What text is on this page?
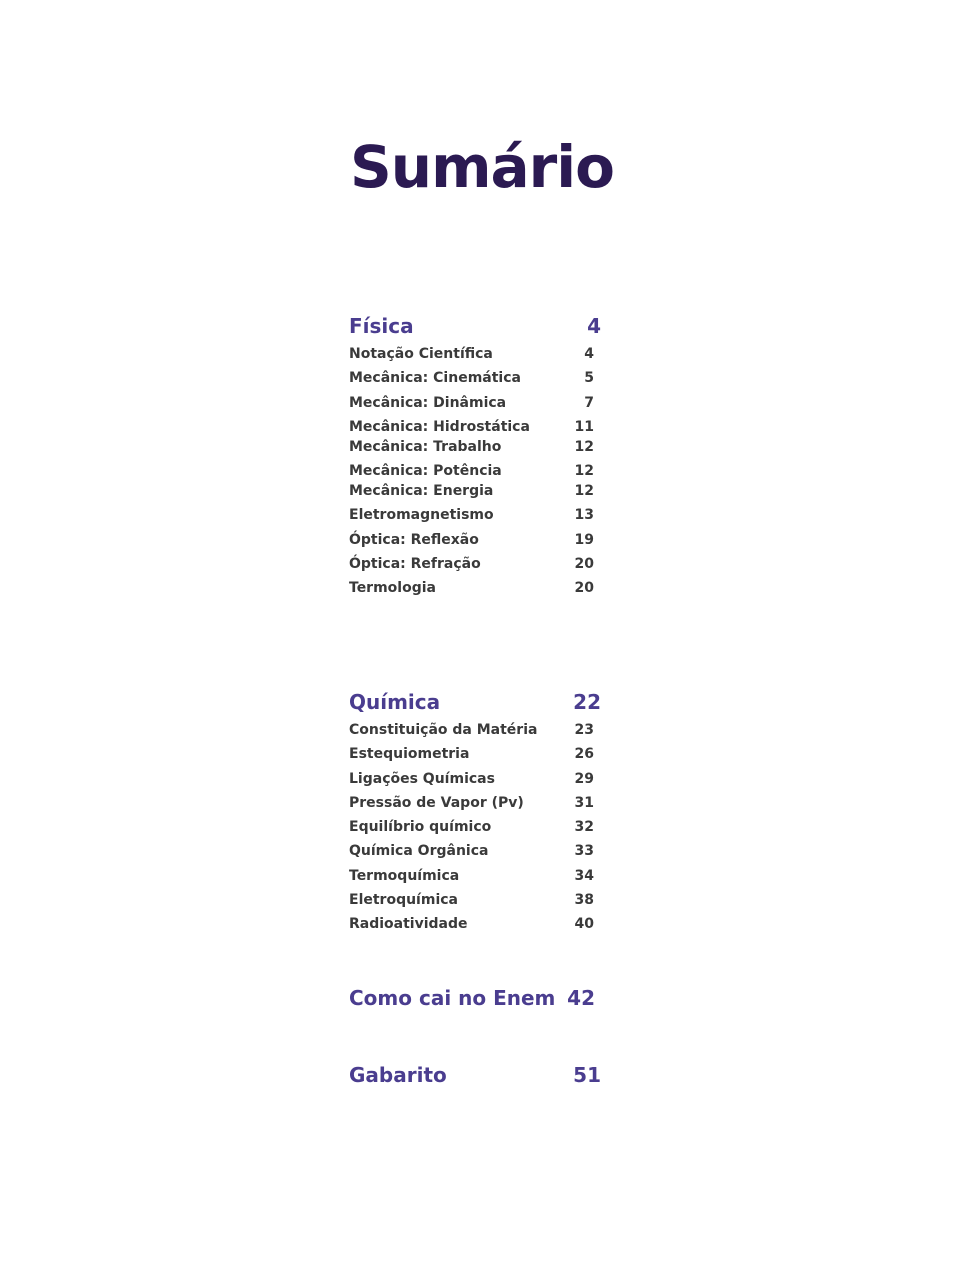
Sumário
Física	4
Notação Científica	4
Mecânica: Cinemática	5
Mecânica: Dinâmica	7
Mecânica: Hidrostática	11
Mecânica: Trabalho	12
Mecânica: Potência	12
Mecânica: Energia	12
Eletromagnetismo	13
Óptica: Reflexão	19
Óptica: Refração	20
Termologia	20
Química	22
Constituição da Matéria	23
Estequiometria	26
Ligações Químicas	29
Pressão de Vapor (Pv)	31
Equilíbrio químico	32
Química Orgânica	33
Termoquímica	34
Eletroquímica	38
Radioatividade	40
Como cai no Enem 42
Gabarito	51
